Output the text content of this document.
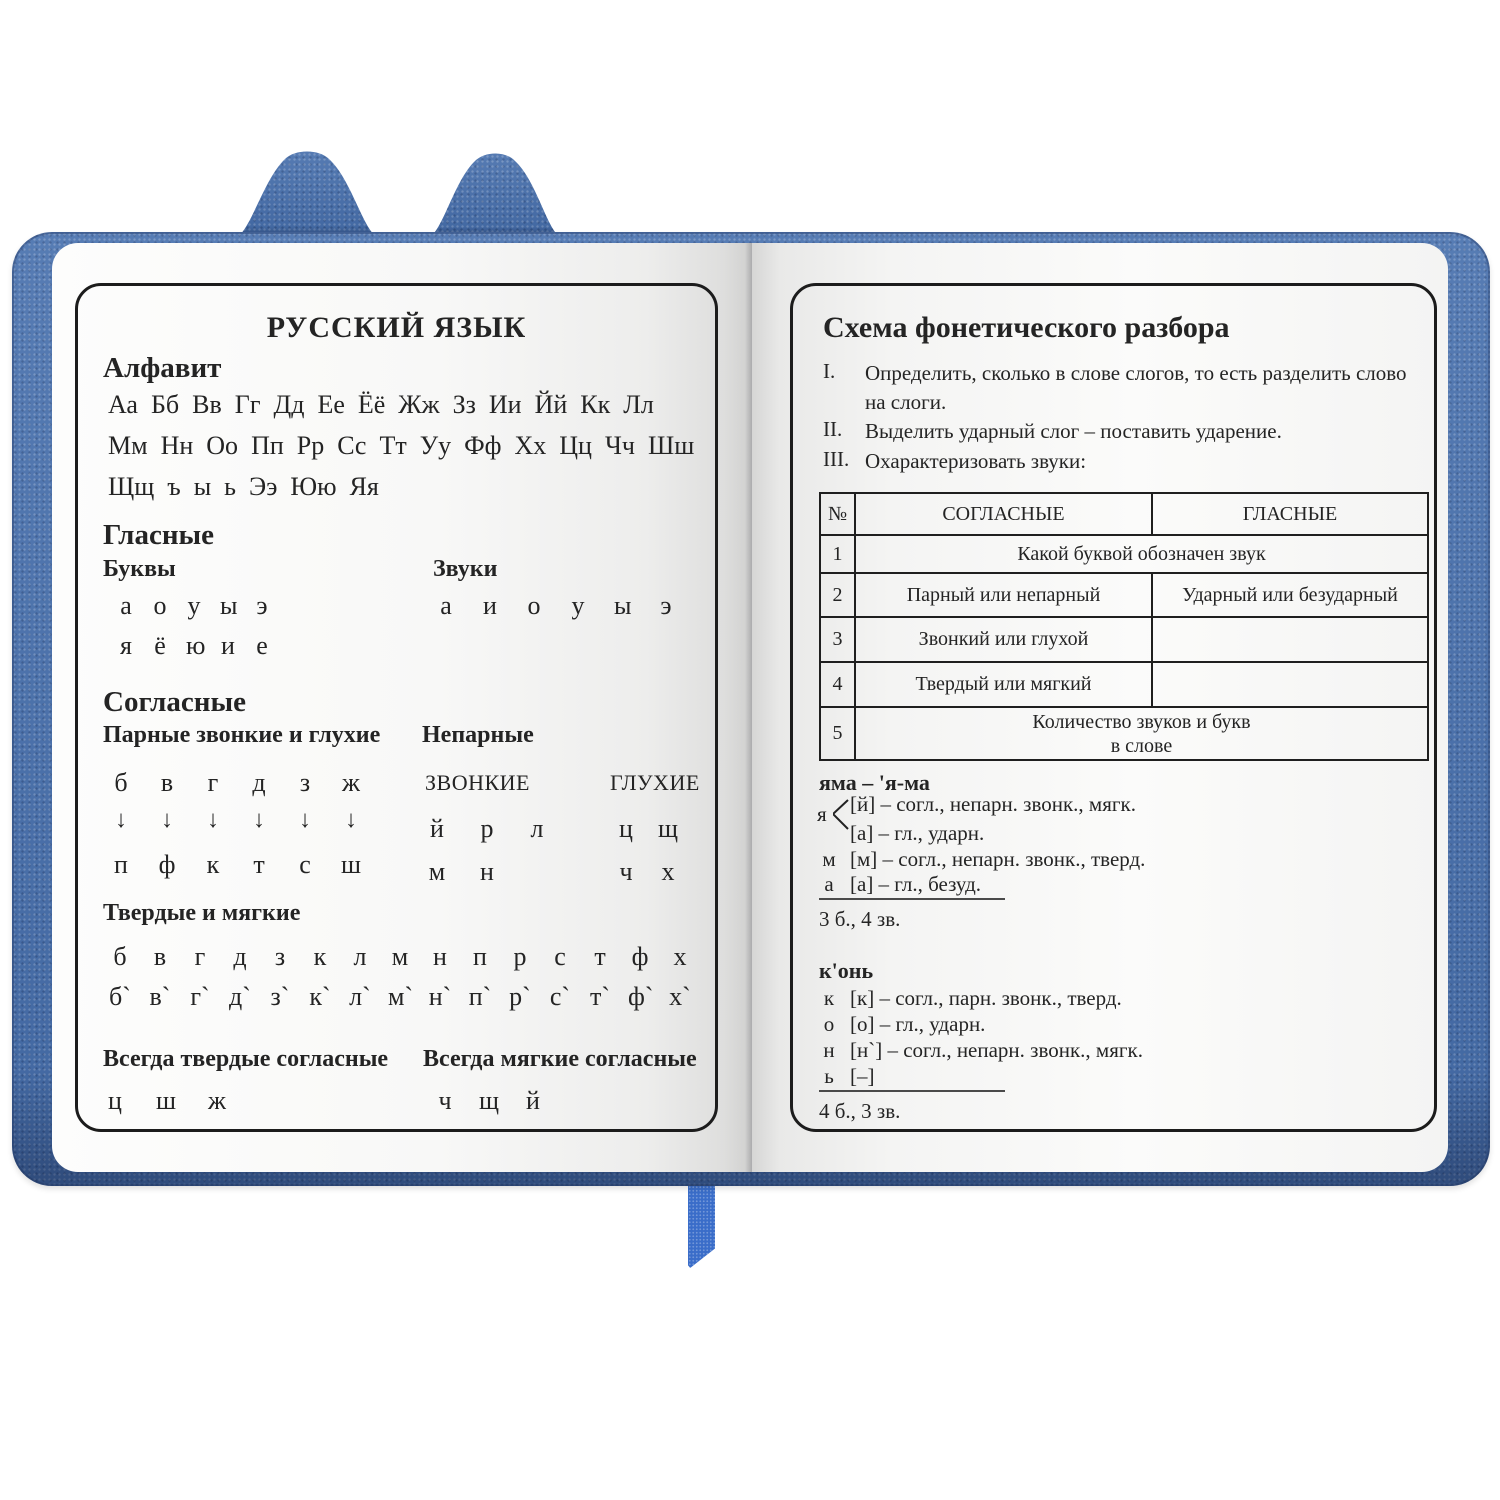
РУССКИЙ ЯЗЫК
Алфавит
Аа Бб Вв Гг Дд Ее Ёё Жж Зз Ии Йй Кк Лл
Мм Нн Оо Пп Рр Сс Тт Уу Фф Хх Цц Чч Шш
Щщ ъ ы ь Ээ Юю Яя
Гласные
Буквы	Звуки
а о у ы э
я ё ю и е
а и о у ы э
Согласные
Парные звонкие и глухие Непарные
б в г д з ж
↓ ↓ ↓ ↓ ↓ ↓
п ф к т с ш
ЗВОНКИЕ	ГЛУХИЕ
й р л
м н
ц щ
ч х
Твердые и мягкие
б в г д з к л м н п р с т ф х
б` в` г` д` з` к` л` м` н` п` р` с` т` ф` х`
Всегда твердые согласные Всегда мягкие согласные
ц ш ж	ч щ й
Схема фонетического разбора
I. Определить, сколько в слове слогов, то есть разделить слово
на слоги.
II. Выделить ударный слог – поставить ударение.
III. Охарактеризовать звуки:
№	СОГЛАСНЫЕ	ГЛАСНЫЕ
1	Какой буквой обозначен звук	
2	Парный или непарный	Ударный или безударный
3	Звонкий или глухой	
4	Твердый или мягкий	
5	Количество звуков и букв
в слове	
яма – 'я-ма
я [й] – согл., непарн. звонк., мягк.
[а] – гл., ударн.
м [м] – согл., непарн. звонк., тверд.
а [а] – гл., безуд.
3 б., 4 зв.
к'онь
к [к] – согл., парн. звонк., тверд.
о [о] – гл., ударн.
н [н`] – согл., непарн. звонк., мягк.
ь [–]
4 б., 3 зв.
